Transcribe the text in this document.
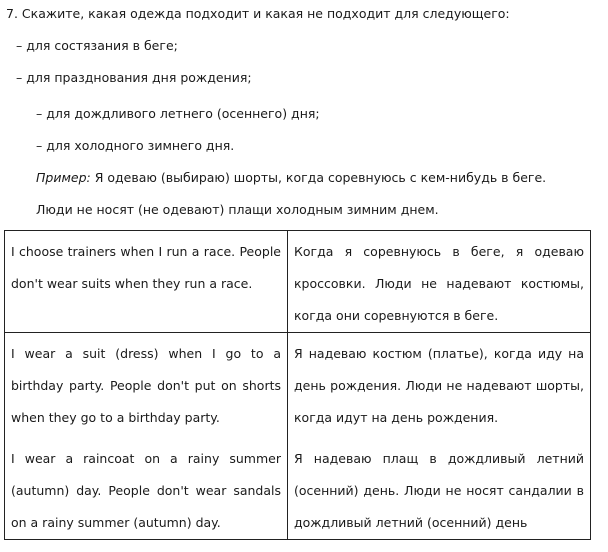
7. Скажите, какая одежда подходит и какая не подходит для следующего:
– для состязания в беге;
– для празднования дня рождения;
– для дождливого летнего (осеннего) дня;
– для холодного зимнего дня.
Пример: Я одеваю (выбираю) шорты, когда соревнуюсь с кем-нибудь в беге.
Люди не носят (не одевают) плащи холодным зимним днем.
I choose trainers when I run a race. People don't wear suits when they run a race.	Когда я соревнуюсь в беге, я одеваю кроссовки. Люди не надевают костюмы, когда они соревнуются в беге.

I wear a suit (dress) when I go to a birthday party. People don't put on shorts when they go to a birthday party.	Я надеваю костюм (платье), когда иду на день рождения. Люди не надевают шорты, когда идут на день рождения.

I wear a raincoat on a rainy summer (autumn) day. People don't wear sandals on a rainy summer (autumn) day.	Я надеваю плащ в дождливый летний (осенний) день. Люди не носят сандалии в дождливый летний (осенний) день
